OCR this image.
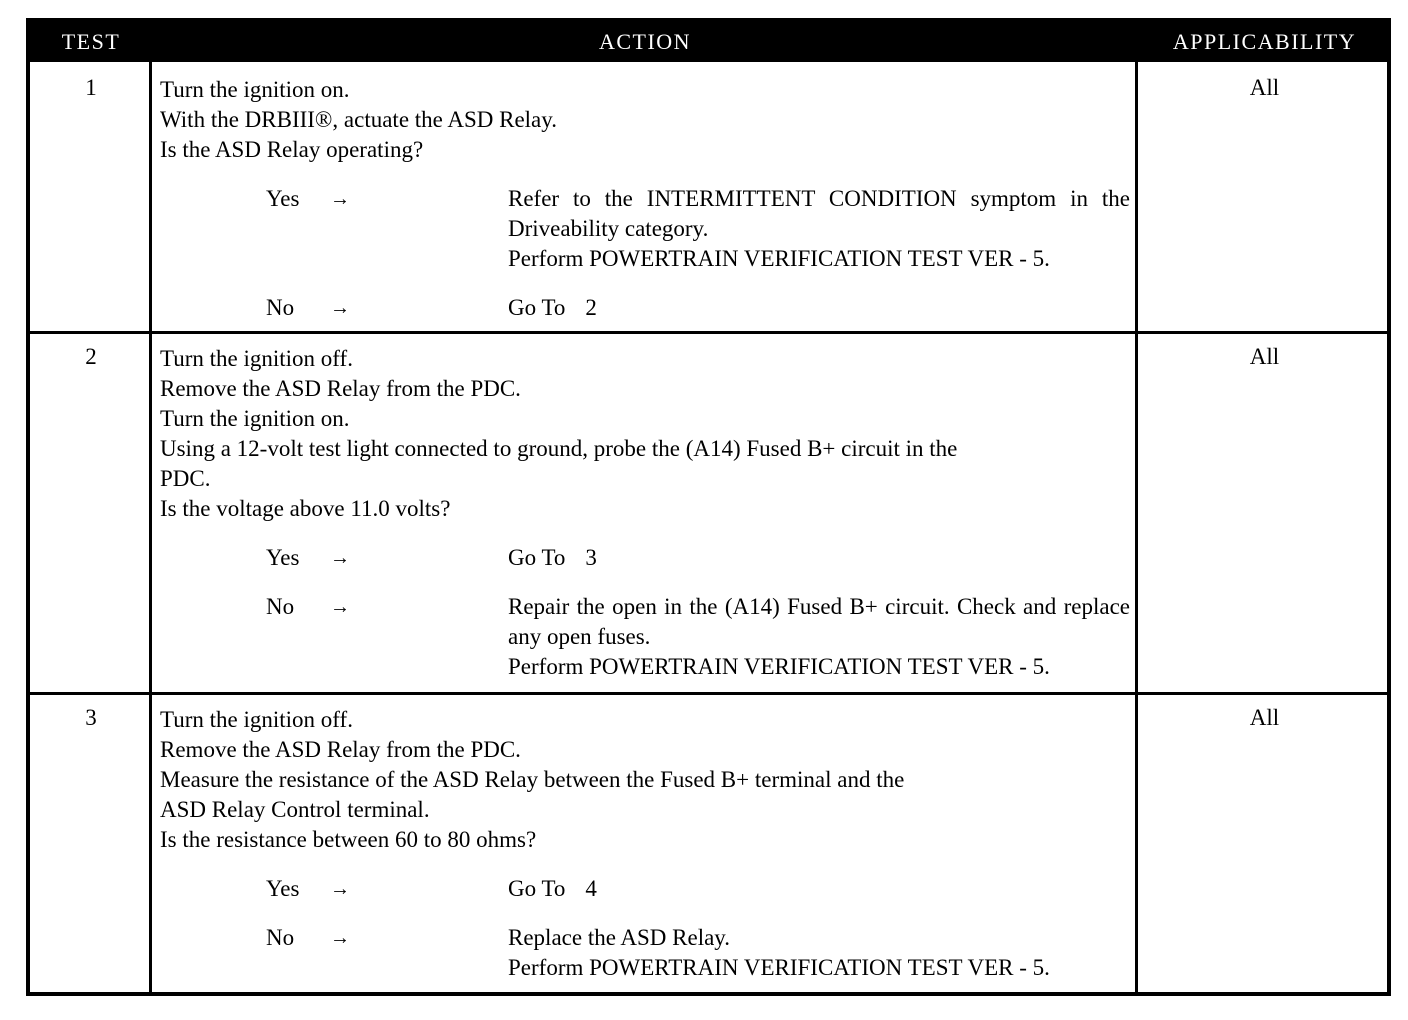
TEST	ACTION	APPLICABILITY
1	Turn the ignition on.
With the DRBIII®, actuate the ASD Relay.
Is the ASD Relay operating?
Yes →	Refer to the INTERMITTENT CONDITION symptom in the
Driveability category.
Perform POWERTRAIN VERIFICATION TEST VER - 5.
No →	Go To 2
All
2	Turn the ignition off.
Remove the ASD Relay from the PDC.
Turn the ignition on.
Using a 12-volt test light connected to ground, probe the (A14) Fused B+ circuit in the
PDC.
Is the voltage above 11.0 volts?
Yes →	Go To 3
No →	Repair the open in the (A14) Fused B+ circuit. Check and replace
any open fuses.
Perform POWERTRAIN VERIFICATION TEST VER - 5.
All
3	Turn the ignition off.
Remove the ASD Relay from the PDC.
Measure the resistance of the ASD Relay between the Fused B+ terminal and the
ASD Relay Control terminal.
Is the resistance between 60 to 80 ohms?
Yes →	Go To 4
No →	Replace the ASD Relay.
Perform POWERTRAIN VERIFICATION TEST VER - 5.
All
